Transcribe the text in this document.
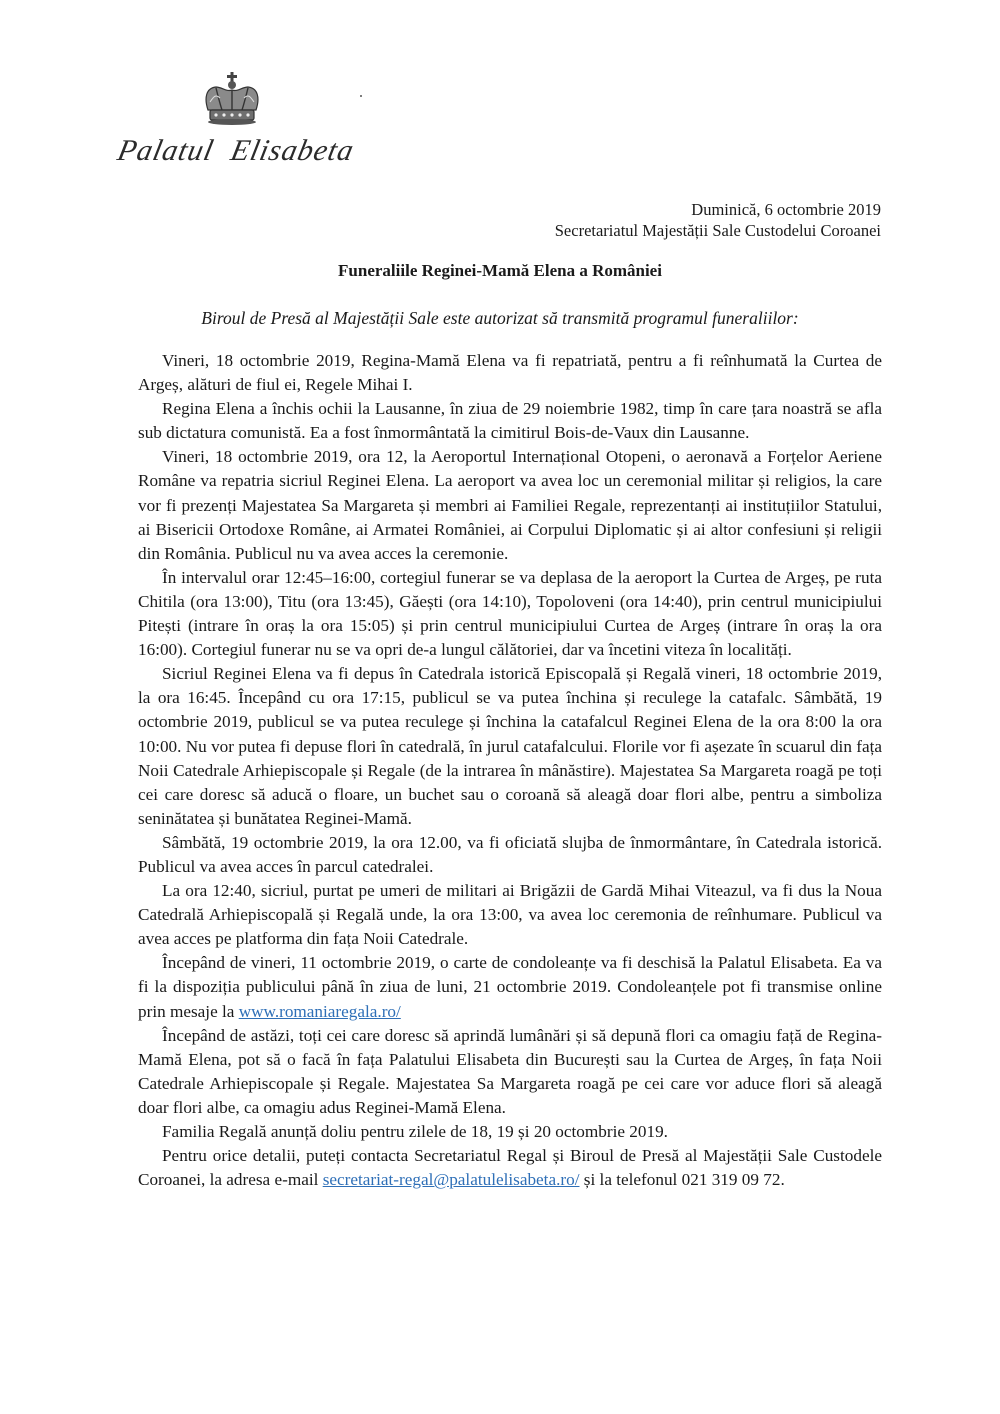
Palatul Elisabeta
Duminică, 6 octombrie 2019
Secretariatul Majestății Sale Custodelui Coroanei
Funeraliile Reginei-Mamă Elena a României
Biroul de Presă al Majestății Sale este autorizat să transmită programul funeraliilor:

Vineri, 18 octombrie 2019, Regina-Mamă Elena va fi repatriată, pentru a fi reînhumată la Curtea de Argeș, alături de fiul ei, Regele Mihai I.

Regina Elena a închis ochii la Lausanne, în ziua de 29 noiembrie 1982, timp în care țara noastră se afla sub dictatura comunistă. Ea a fost înmormântată la cimitirul Bois-de-Vaux din Lausanne.

Vineri, 18 octombrie 2019, ora 12, la Aeroportul Internațional Otopeni, o aeronavă a Forțelor Aeriene Române va repatria sicriul Reginei Elena. La aeroport va avea loc un ceremonial militar și religios, la care vor fi prezenți Majestatea Sa Margareta și membri ai Familiei Regale, reprezentanți ai instituțiilor Statului, ai Bisericii Ortodoxe Române, ai Armatei României, ai Corpului Diplomatic și ai altor confesiuni și religii din România. Publicul nu va avea acces la ceremonie.

În intervalul orar 12:45–16:00, cortegiul funerar se va deplasa de la aeroport la Curtea de Argeș, pe ruta Chitila (ora 13:00), Titu (ora 13:45), Găești (ora 14:10), Topoloveni (ora 14:40), prin centrul municipiului Pitești (intrare în oraș la ora 15:05) și prin centrul municipiului Curtea de Argeș (intrare în oraș la ora 16:00). Cortegiul funerar nu se va opri de-a lungul călătoriei, dar va încetini viteza în localități.

Sicriul Reginei Elena va fi depus în Catedrala istorică Episcopală și Regală vineri, 18 octombrie 2019, la ora 16:45. Începând cu ora 17:15, publicul se va putea închina și reculege la catafalc. Sâmbătă, 19 octombrie 2019, publicul se va putea reculege și închina la catafalcul Reginei Elena de la ora 8:00 la ora 10:00. Nu vor putea fi depuse flori în catedrală, în jurul catafalcului. Florile vor fi așezate în scuarul din fața Noii Catedrale Arhiepiscopale și Regale (de la intrarea în mânăstire). Majestatea Sa Margareta roagă pe toți cei care doresc să aducă o floare, un buchet sau o coroană să aleagă doar flori albe, pentru a simboliza seninătatea și bunătatea Reginei-Mamă.

Sâmbătă, 19 octombrie 2019, la ora 12.00, va fi oficiată slujba de înmormântare, în Catedrala istorică. Publicul va avea acces în parcul catedralei.

La ora 12:40, sicriul, purtat pe umeri de militari ai Brigăzii de Gardă Mihai Viteazul, va fi dus la Noua Catedrală Arhiepiscopală și Regală unde, la ora 13:00, va avea loc ceremonia de reînhumare. Publicul va avea acces pe platforma din fața Noii Catedrale.

Începând de vineri, 11 octombrie 2019, o carte de condoleanțe va fi deschisă la Palatul Elisabeta. Ea va fi la dispoziția publicului până în ziua de luni, 21 octombrie 2019. Condoleanțele pot fi transmise online prin mesaje la www.romaniaregala.ro/

Începând de astăzi, toți cei care doresc să aprindă lumânări și să depună flori ca omagiu față de Regina-Mamă Elena, pot să o facă în fața Palatului Elisabeta din București sau la Curtea de Argeș, în fața Noii Catedrale Arhiepiscopale și Regale. Majestatea Sa Margareta roagă pe cei care vor aduce flori să aleagă doar flori albe, ca omagiu adus Reginei-Mamă Elena.

Familia Regală anunță doliu pentru zilele de 18, 19 și 20 octombrie 2019.

Pentru orice detalii, puteți contacta Secretariatul Regal și Biroul de Presă al Majestății Sale Custodele Coroanei, la adresa e-mail secretariat-regal@palatulelisabeta.ro/ și la telefonul 021 319 09 72.
